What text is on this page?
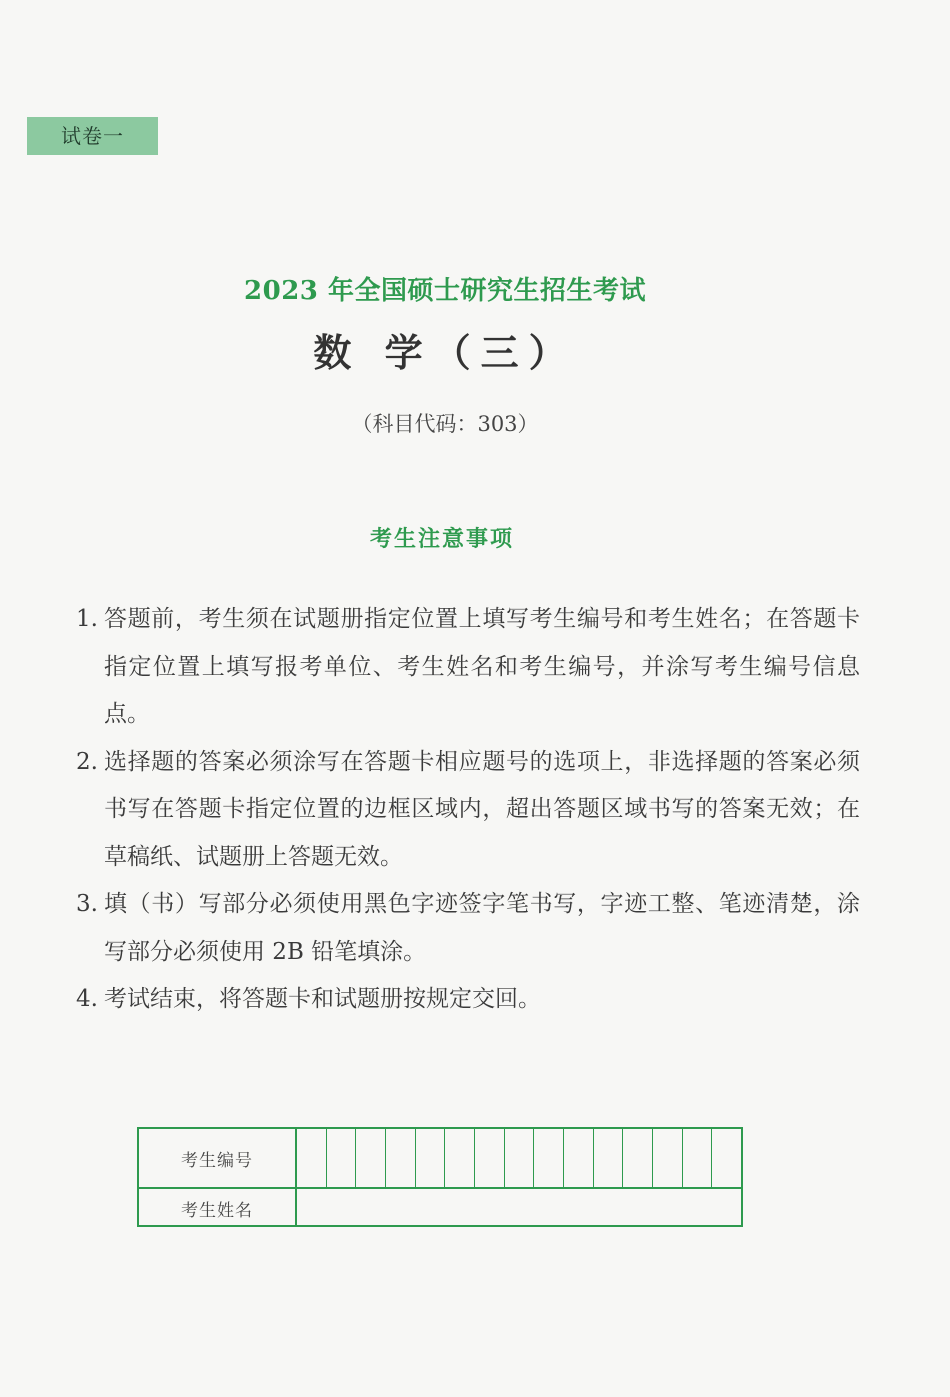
试卷一
2023 年全国硕士研究生招生考试
数 学（三）
（科目代码：303）
考生注意事项
1. 答题前，考生须在试题册指定位置上填写考生编号和考生姓名；在答题卡指定位置上填写报考单位、考生姓名和考生编号，并涂写考生编号信息点。
2. 选择题的答案必须涂写在答题卡相应题号的选项上，非选择题的答案必须书写在答题卡指定位置的边框区域内，超出答题区域书写的答案无效；在草稿纸、试题册上答题无效。
3. 填（书）写部分必须使用黑色字迹签字笔书写，字迹工整、笔迹清楚，涂写部分必须使用 2B 铅笔填涂。
4. 考试结束，将答题卡和试题册按规定交回。
考生编号
考生姓名
